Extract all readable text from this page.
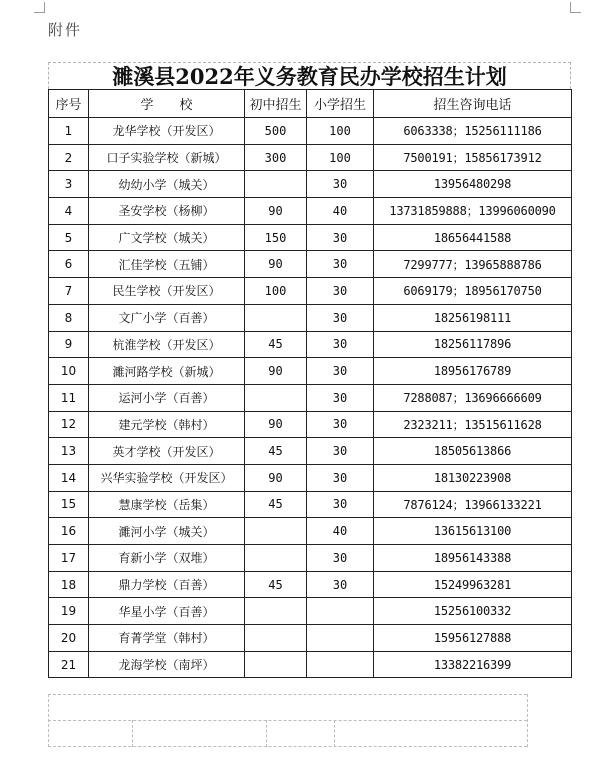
附件
濉溪县2022年义务教育民办学校招生计划
序号	学　　校	初中招生	小学招生	招生咨询电话
1	龙华学校（开发区）	500	100	6063338；15256111186
2	口子实验学校（新城）	300	100	7500191；15856173912
3	幼幼小学（城关）		30	13956480298
4	圣安学校（杨柳）	90	40	13731859888；13996060090
5	广文学校（城关）	150	30	18656441588
6	汇佳学校（五铺）	90	30	7299777；13965888786
7	民生学校（开发区）	100	30	6069179；18956170750
8	文广小学（百善）		30	18256198111
9	杭淮学校（开发区）	45	30	18256117896
10	濉河路学校（新城）	90	30	18956176789
11	运河小学（百善）		30	7288087；13696666609
12	建元学校（韩村）	90	30	2323211；13515611628
13	英才学校（开发区）	45	30	18505613866
14	兴华实验学校（开发区）	90	30	18130223908
15	慧康学校（岳集）	45	30	7876124；13966133221
16	濉河小学（城关）		40	13615613100
17	育新小学（双堆）		30	18956143388
18	鼎力学校（百善）	45	30	15249963281
19	华星小学（百善）			15256100332
20	育菁学堂（韩村）			15956127888
21	龙海学校（南坪）			13382216399
